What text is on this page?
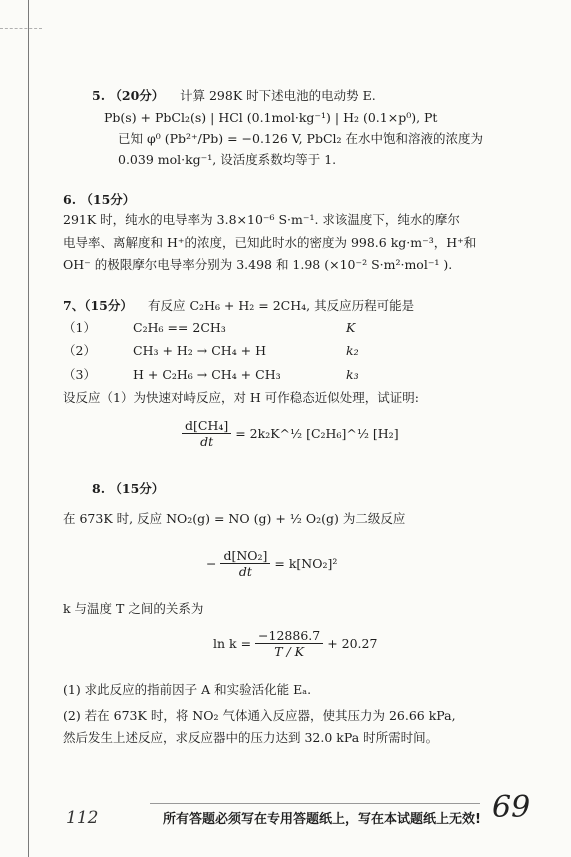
5. （20分） 计算 298K 时下述电池的电动势 E.
Pb(s) + PbCl₂(s) | HCl (0.1mol·kg⁻¹) | H₂ (0.1×p⁰), Pt
已知 φ⁰ (Pb²⁺/Pb) = −0.126 V, PbCl₂ 在水中饱和溶液的浓度为
0.039 mol·kg⁻¹, 设活度系数均等于 1.
6. （15分）
291K 时，纯水的电导率为 3.8×10⁻⁶ S·m⁻¹. 求该温度下，纯水的摩尔
电导率、离解度和 H⁺的浓度，已知此时水的密度为 998.6 kg·m⁻³，H⁺和
OH⁻ 的极限摩尔电导率分别为 3.498 和 1.98 (×10⁻² S·m²·mol⁻¹ ).
7、（15分） 有反应 C₂H₆ + H₂ = 2CH₄, 其反应历程可能是
（1）	C₂H₆ == 2CH₃	K
（2）	CH₃ + H₂ → CH₄ + H	k₂
（3）	H + C₂H₆ → CH₄ + CH₃	k₃
设反应（1）为快速对峙反应，对 H 可作稳态近似处理，试证明:
$\frac{\text{d[CH₄]}}{dt}$ = 2k₂K^½ [C₂H₆]^½ [H₂]
8. （15分）
在 673K 时, 反应 NO₂(g) = NO (g) + ½ O₂(g) 为二级反应
− $\frac{\text{d[NO₂]}}{dt} = k[NO_2]^2$
k 与温度 T 之间的关系为
$\ln k = \frac{-12886.7}{T / K} + 20.27$
(1) 求此反应的指前因子 A 和实验活化能 Eₐ.
(2) 若在 673K 时，将 NO₂ 气体通入反应器，使其压力为 26.66 kPa,
然后发生上述反应，求反应器中的压力达到 32.0 kPa 时所需时间。
112	所有答题必须写在专用答题纸上，写在本试题纸上无效! 69
